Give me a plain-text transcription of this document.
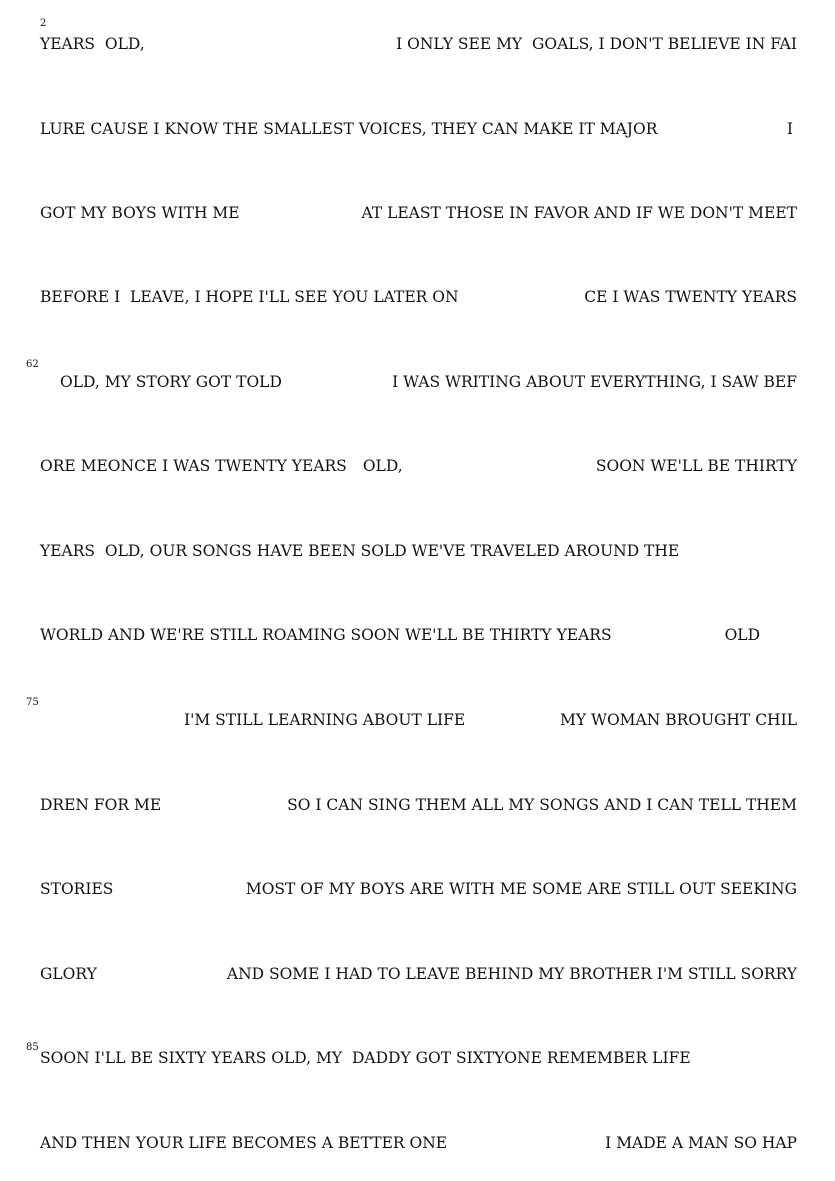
2
62
75
85
YEARS  OLD,	I ONLY SEE MY  GOALS, I DON'T BELIEVE IN FAI
LURE CAUSE I KNOW THE SMALLEST VOICES, THEY CAN MAKE IT MAJOR	I
GOT MY BOYS WITH ME	AT LEAST THOSE IN FAVOR AND IF WE DON'T MEET
BEFORE I  LEAVE, I HOPE I'LL SEE YOU LATER ON	CE I WAS TWENTY YEARS
OLD, MY STORY GOT TOLD	I WAS WRITING ABOUT EVERYTHING, I SAW BEF
ORE MEONCE I WAS TWENTY YEARS OLD,	SOON WE'LL BE THIRTY
YEARS  OLD, OUR SONGS HAVE BEEN SOLD WE'VE TRAVELED AROUND THE
WORLD AND WE'RE STILL ROAMING SOON WE'LL BE THIRTY YEARS	OLD
I'M STILL LEARNING ABOUT LIFE	MY WOMAN BROUGHT CHIL
DREN FOR ME	SO I CAN SING THEM ALL MY SONGS AND I CAN TELL THEM
STORIES	MOST OF MY BOYS ARE WITH ME SOME ARE STILL OUT SEEKING
GLORY	AND SOME I HAD TO LEAVE BEHIND MY BROTHER I'M STILL SORRY
SOON I'LL BE SIXTY YEARS OLD, MY  DADDY GOT SIXTYONE REMEMBER LIFE
AND THEN YOUR LIFE BECOMES A BETTER ONE	I MADE A MAN SO HAP
